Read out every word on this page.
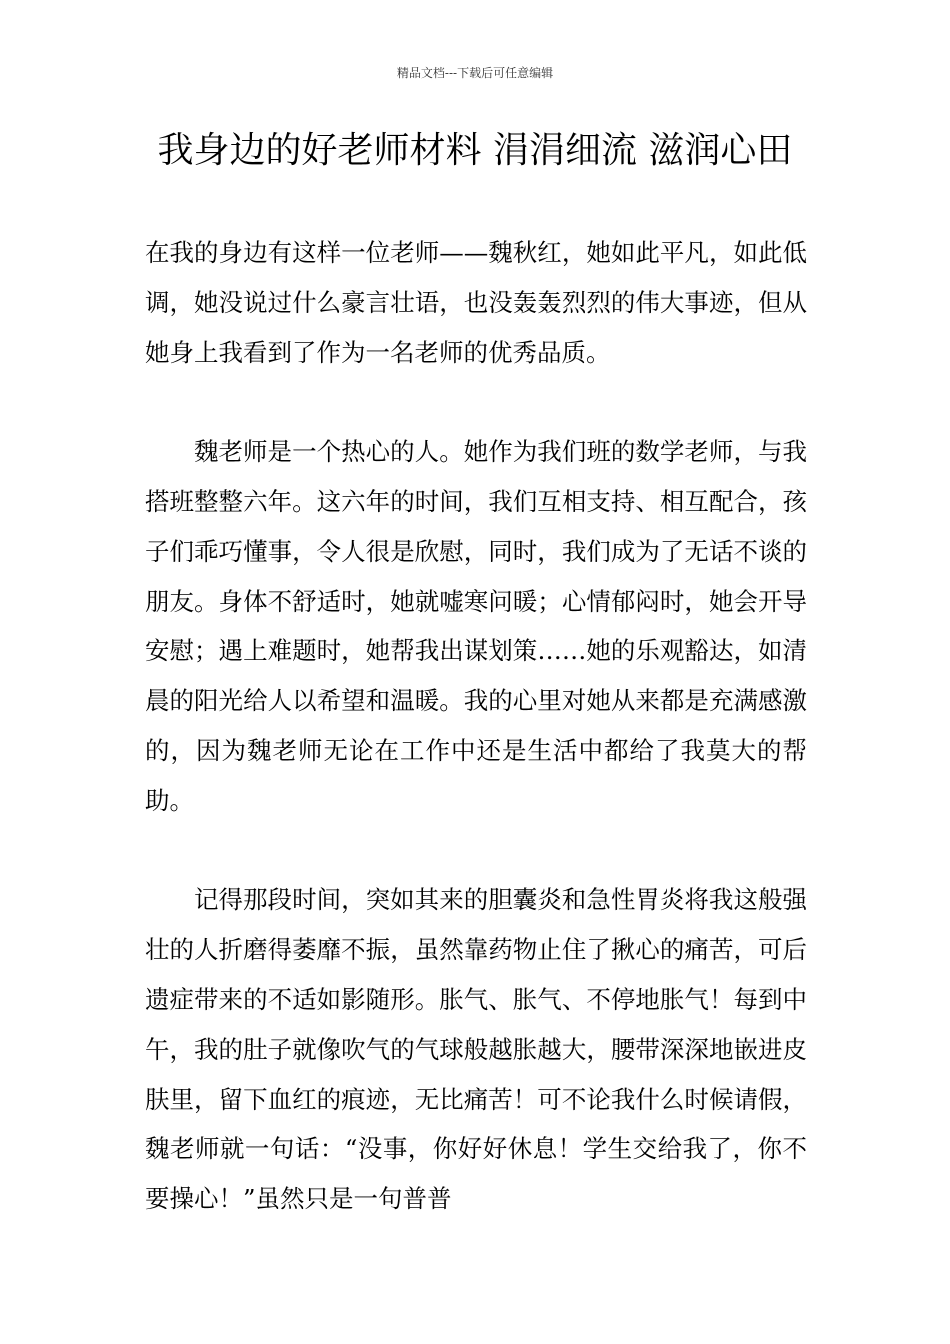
精品文档---下载后可任意编辑
我身边的好老师材料 涓涓细流 滋润心田

在我的身边有这样一位老师——魏秋红，她如此平凡，如此低调，她没说过什么豪言壮语，也没轰轰烈烈的伟大事迹，但从她身上我看到了作为一名老师的优秀品质。

魏老师是一个热心的人。她作为我们班的数学老师，与我搭班整整六年。这六年的时间，我们互相支持、相互配合，孩子们乖巧懂事，令人很是欣慰，同时，我们成为了无话不谈的朋友。身体不舒适时，她就嘘寒问暖；心情郁闷时，她会开导安慰；遇上难题时，她帮我出谋划策……她的乐观豁达，如清晨的阳光给人以希望和温暖。我的心里对她从来都是充满感激的，因为魏老师无论在工作中还是生活中都给了我莫大的帮助。

记得那段时间，突如其来的胆囊炎和急性胃炎将我这般强壮的人折磨得萎靡不振，虽然靠药物止住了揪心的痛苦，可后遗症带来的不适如影随形。胀气、胀气、不停地胀气！每到中午，我的肚子就像吹气的气球般越胀越大，腰带深深地嵌进皮肤里，留下血红的痕迹，无比痛苦！可不论我什么时候请假，魏老师就一句话：“没事，你好好休息！学生交给我了，你不要操心！”虽然只是一句普普
